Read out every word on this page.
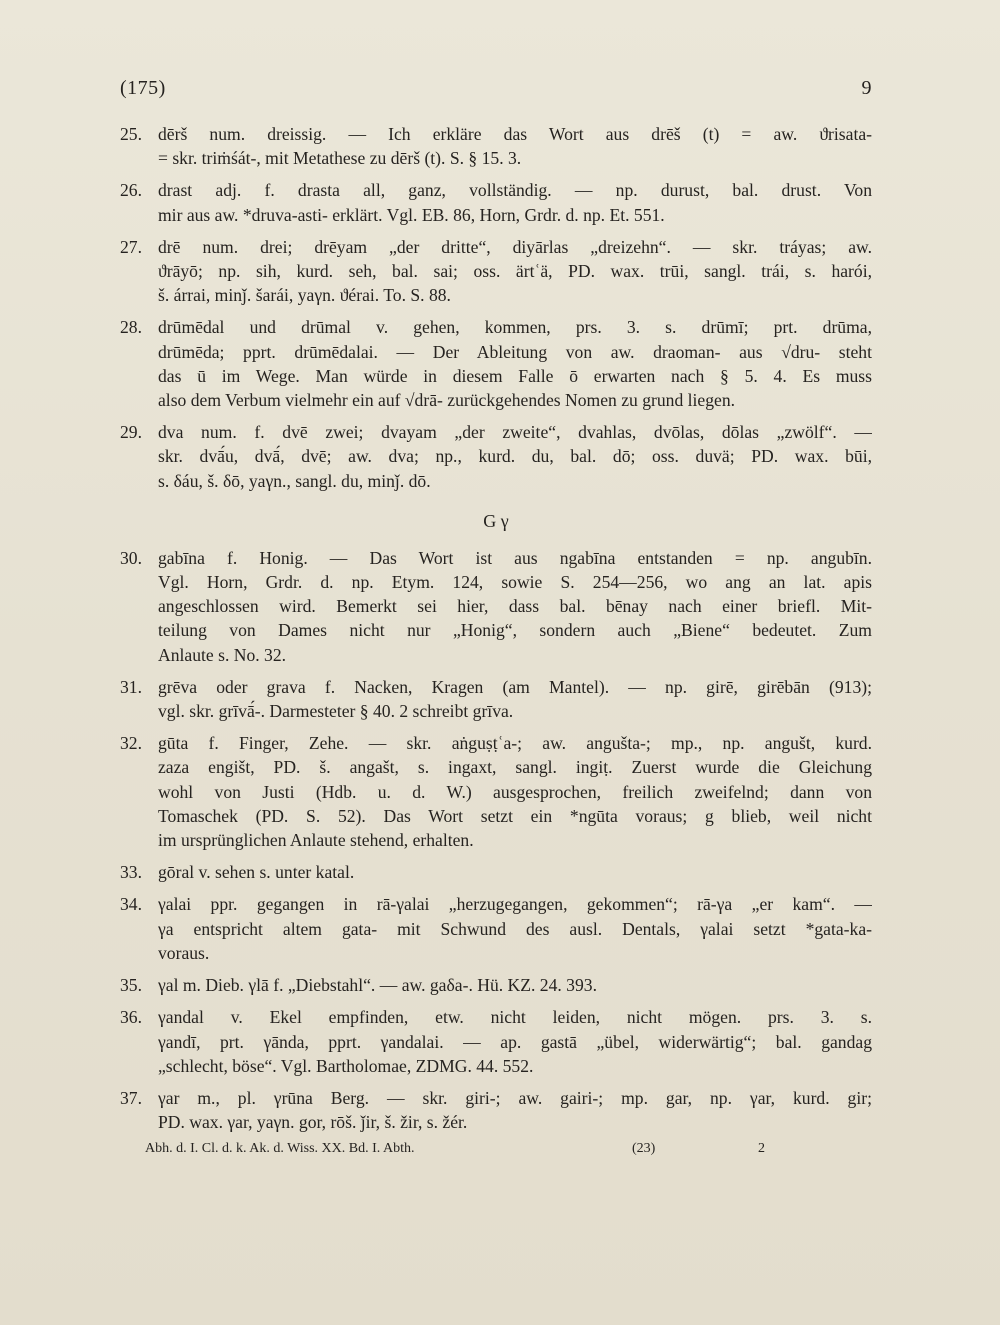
(175)	9
25. dērš num. dreissig. — Ich erkläre das Wort aus drēš (t) = aw. ϑrisata-
= skr. triṁśát-, mit Metathese zu dērš (t). S. § 15. 3.
26. drast adj. f. drasta all, ganz, vollständig. — np. durust, bal. drust. Von
mir aus aw. *druva-asti- erklärt. Vgl. EB. 86, Horn, Grdr. d. np. Et. 551.
27. drē num. drei; drēyam „der dritte“, diyārlas „dreizehn“. — skr. tráyas; aw.
ϑrāyō; np. sih, kurd. seh, bal. sai; oss. ärtʿä, PD. wax. trūi, sangl. trái, s. harói,
š. árrai, minǰ. šarái, yaγn. ϑérai. To. S. 88.
28. drūmēdal und drūmal v. gehen, kommen, prs. 3. s. drūmī; prt. drūma,
drūmēda; pprt. drūmēdalai. — Der Ableitung von aw. draoman- aus √dru- steht
das ū im Wege. Man würde in diesem Falle ō erwarten nach § 5. 4. Es muss
also dem Verbum vielmehr ein auf √drā- zurückgehendes Nomen zu grund liegen.
29. dva num. f. dvē zwei; dvayam „der zweite“, dvahlas, dvōlas, dōlas „zwölf“. —
skr. dvā́u, dvā́, dvē; aw. dva; np., kurd. du, bal. dō; oss. duvä; PD. wax. būi,
s. δáu, š. δō, yaγn., sangl. du, minǰ. dō.
G γ
30. gabīna f. Honig. — Das Wort ist aus ngabīna entstanden = np. angubīn.
Vgl. Horn, Grdr. d. np. Etym. 124, sowie S. 254—256, wo ang an lat. apis
angeschlossen wird. Bemerkt sei hier, dass bal. bēnay nach einer briefl. Mit-
teilung von Dames nicht nur „Honig“, sondern auch „Biene“ bedeutet. Zum
Anlaute s. No. 32.
31. grēva oder grava f. Nacken, Kragen (am Mantel). — np. girē, girēbān (913);
vgl. skr. grīvā́-. Darmesteter § 40. 2 schreibt grīva.
32. gūta f. Finger, Zehe. — skr. aṅguṣṭʿa-; aw. angušta-; mp., np. angušt, kurd.
zaza engišt, PD. š. angašt, s. ingaxt, sangl. ingiṭ. Zuerst wurde die Gleichung
wohl von Justi (Hdb. u. d. W.) ausgesprochen, freilich zweifelnd; dann von
Tomaschek (PD. S. 52). Das Wort setzt ein *ngūta voraus; g blieb, weil nicht
im ursprünglichen Anlaute stehend, erhalten.
33. gōral v. sehen s. unter katal.
34. γalai ppr. gegangen in rā-γalai „herzugegangen, gekommen“; rā-γa „er kam“. —
γa entspricht altem gata- mit Schwund des ausl. Dentals, γalai setzt *gata-ka-
voraus.
35. γal m. Dieb. γlā f. „Diebstahl“. — aw. gaδa-. Hü. KZ. 24. 393.
36. γandal v. Ekel empfinden, etw. nicht leiden, nicht mögen. prs. 3. s.
γandī, prt. γānda, pprt. γandalai. — ap. gastā „übel, widerwärtig“; bal. gandag
„schlecht, böse“. Vgl. Bartholomae, ZDMG. 44. 552.
37. γar m., pl. γrūna Berg. — skr. giri-; aw. gairi-; mp. gar, np. γar, kurd. gir;
PD. wax. γar, yaγn. gor, rōš. ǰir, š. žir, s. žér.
Abh. d. I. Cl. d. k. Ak. d. Wiss. XX. Bd. I. Abth.	(23)	2
